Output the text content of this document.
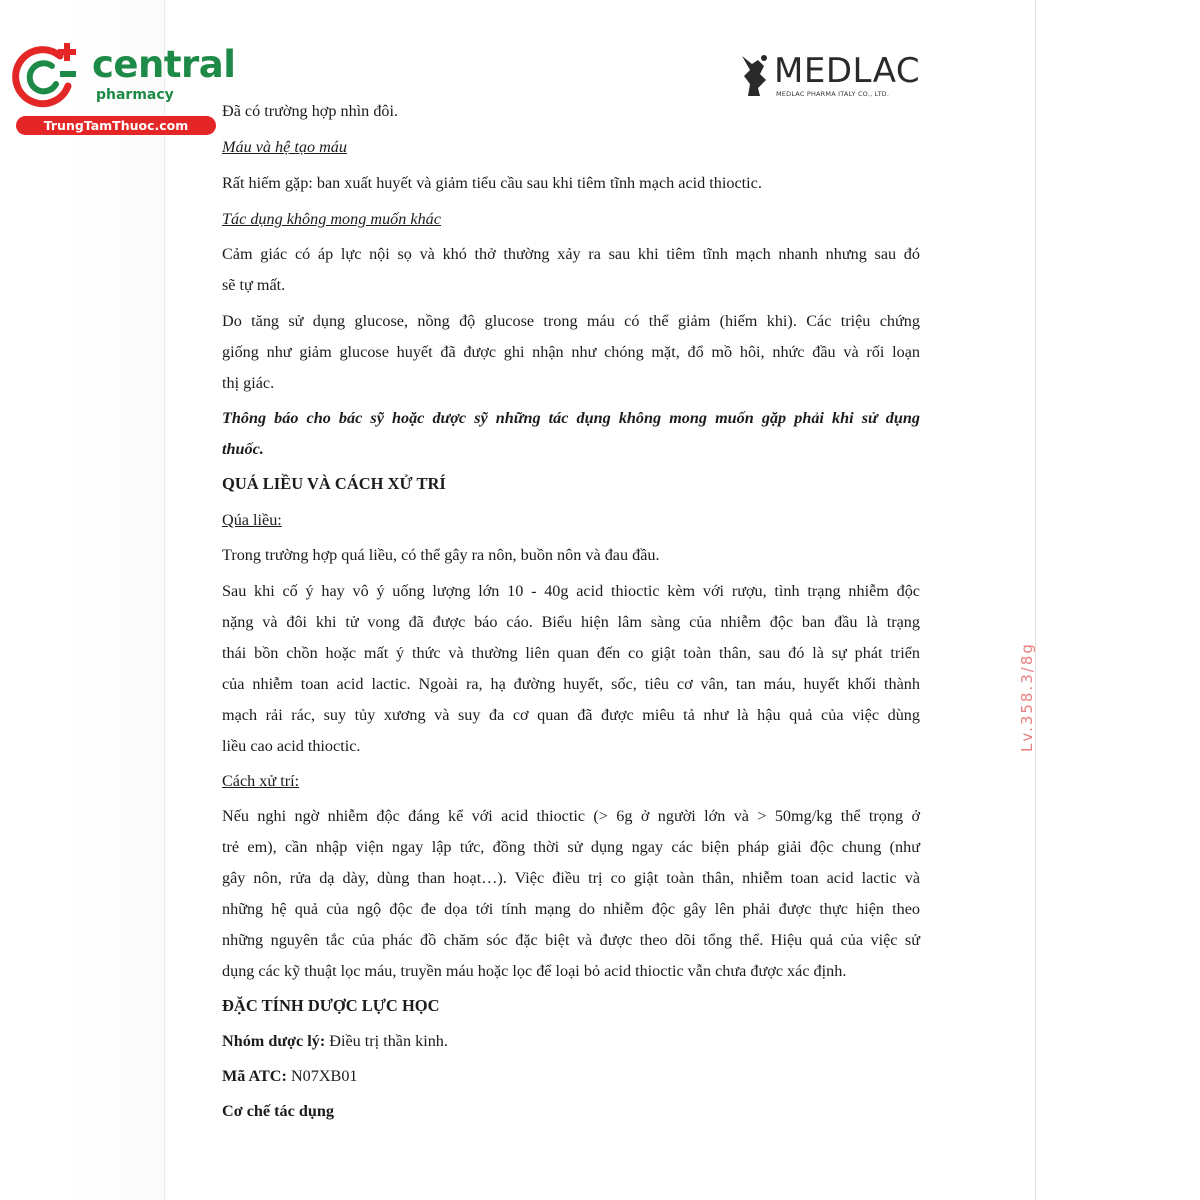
central
pharmacy
TrungTamThuoc.com
MEDLAC
MEDLAC PHARMA ITALY CO., LTD.
Lv.358.3/8g

Đã có trường hợp nhìn đôi.

Máu và hệ tạo máu

Rất hiếm gặp: ban xuất huyết và giảm tiểu cầu sau khi tiêm tĩnh mạch acid thioctic.

Tác dụng không mong muốn khác

Cảm giác có áp lực nội sọ và khó thở thường xảy ra sau khi tiêm tĩnh mạch nhanh nhưng sau đó

sẽ tự mất.

Do tăng sử dụng glucose, nồng độ glucose trong máu có thể giảm (hiếm khi). Các triệu chứng

giống như giảm glucose huyết đã được ghi nhận như chóng mặt, đổ mồ hôi, nhức đầu và rối loạn

thị giác.

Thông báo cho bác sỹ hoặc dược sỹ những tác dụng không mong muốn gặp phải khi sử dụng

thuốc.

QUÁ LIỀU VÀ CÁCH XỬ TRÍ

Qúa liều:

Trong trường hợp quá liều, có thể gây ra nôn, buồn nôn và đau đầu.

Sau khi cố ý hay vô ý uống lượng lớn 10 - 40g acid thioctic kèm với rượu, tình trạng nhiễm độc

nặng và đôi khi tử vong đã được báo cáo. Biểu hiện lâm sàng của nhiễm độc ban đầu là trạng

thái bồn chồn hoặc mất ý thức và thường liên quan đến co giật toàn thân, sau đó là sự phát triển

của nhiễm toan acid lactic. Ngoài ra, hạ đường huyết, sốc, tiêu cơ vân, tan máu, huyết khối thành

mạch rải rác, suy tủy xương và suy đa cơ quan đã được miêu tả như là hậu quả của việc dùng

liều cao acid thioctic.

Cách xử trí:

Nếu nghi ngờ nhiễm độc đáng kể với acid thioctic (> 6g ở người lớn và > 50mg/kg thể trọng ở

trẻ em), cần nhập viện ngay lập tức, đồng thời sử dụng ngay các biện pháp giải độc chung (như

gây nôn, rửa dạ dày, dùng than hoạt…). Việc điều trị co giật toàn thân, nhiễm toan acid lactic và

những hệ quả của ngộ độc đe dọa tới tính mạng do nhiễm độc gây lên phải được thực hiện theo

những nguyên tắc của phác đồ chăm sóc đặc biệt và được theo dõi tổng thể. Hiệu quả của việc sử

dụng các kỹ thuật lọc máu, truyền máu hoặc lọc để loại bỏ acid thioctic vẫn chưa được xác định.

ĐẶC TÍNH DƯỢC LỰC HỌC

Nhóm dược lý: Điều trị thần kinh.

Mã ATC: N07XB01

Cơ chế tác dụng
